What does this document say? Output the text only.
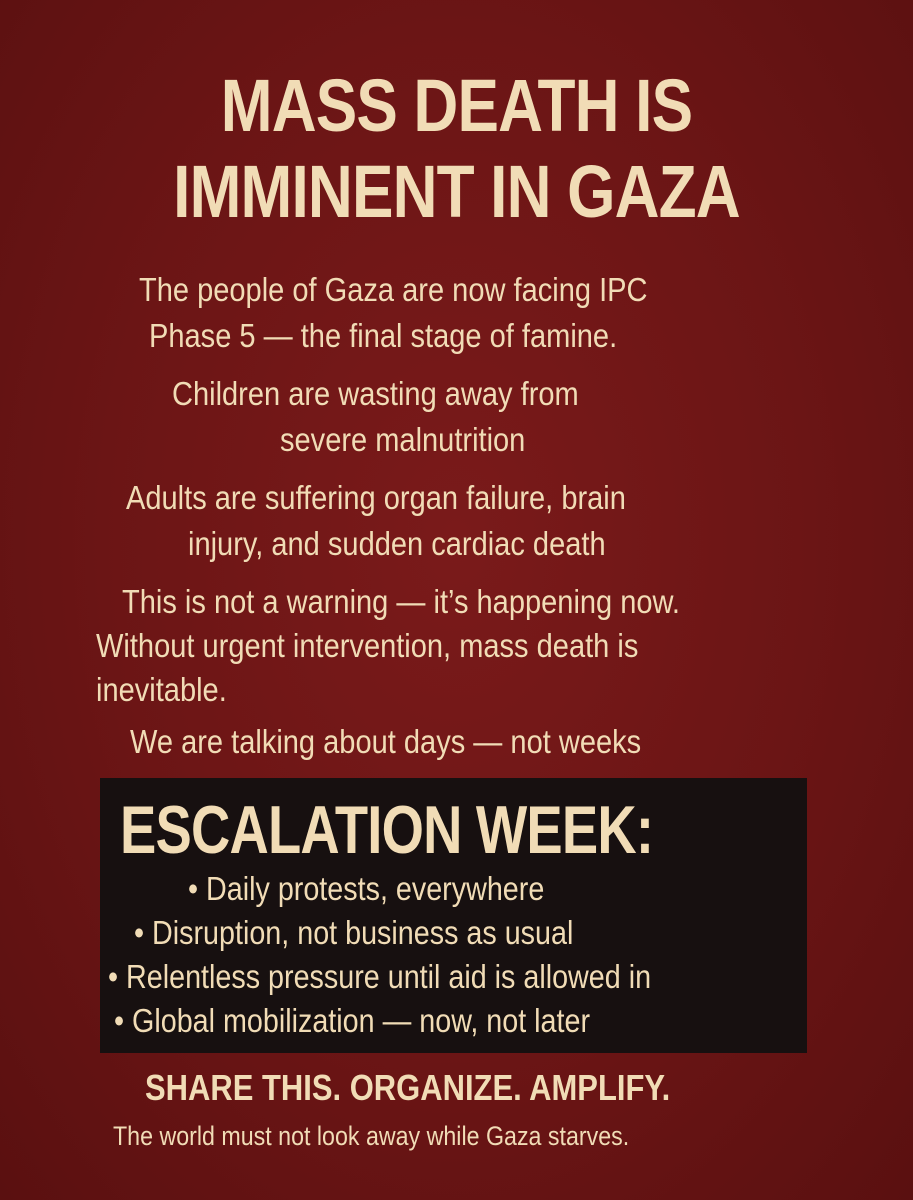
MASS DEATH IS
IMMINENT IN GAZA
The people of Gaza are now facing IPC
Phase 5 — the final stage of famine.
Children are wasting away from
severe malnutrition
Adults are suffering organ failure, brain
injury, and sudden cardiac death
This is not a warning — it’s happening now.
Without urgent intervention, mass death is
inevitable.
We are talking about days — not weeks
ESCALATION WEEK:
• Daily protests, everywhere
• Disruption, not business as usual
• Relentless pressure until aid is allowed in
• Global mobilization — now, not later
SHARE THIS. ORGANIZE. AMPLIFY.
The world must not look away while Gaza starves.
